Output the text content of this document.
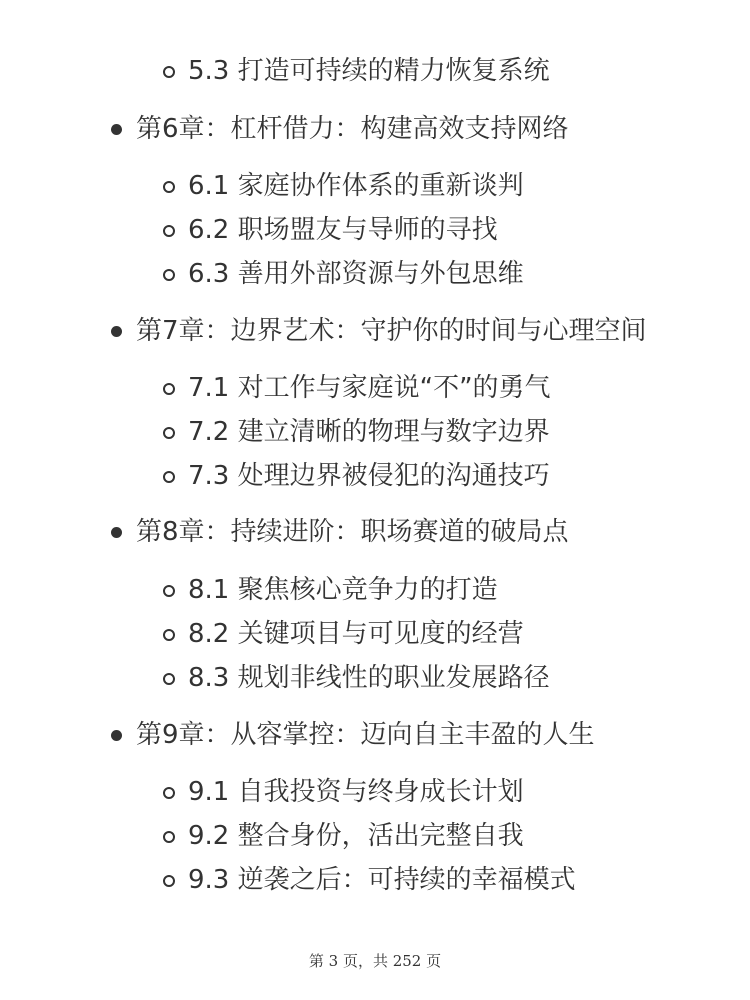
5.3 打造可持续的精力恢复系统
第6章：杠杆借力：构建高效支持网络
6.1 家庭协作体系的重新谈判
6.2 职场盟友与导师的寻找
6.3 善用外部资源与外包思维
第7章：边界艺术：守护你的时间与心理空间
7.1 对工作与家庭说“不”的勇气
7.2 建立清晰的物理与数字边界
7.3 处理边界被侵犯的沟通技巧
第8章：持续进阶：职场赛道的破局点
8.1 聚焦核心竞争力的打造
8.2 关键项目与可见度的经营
8.3 规划非线性的职业发展路径
第9章：从容掌控：迈向自主丰盈的人生
9.1 自我投资与终身成长计划
9.2 整合身份，活出完整自我
9.3 逆袭之后：可持续的幸福模式
第 3 页，共 252 页
